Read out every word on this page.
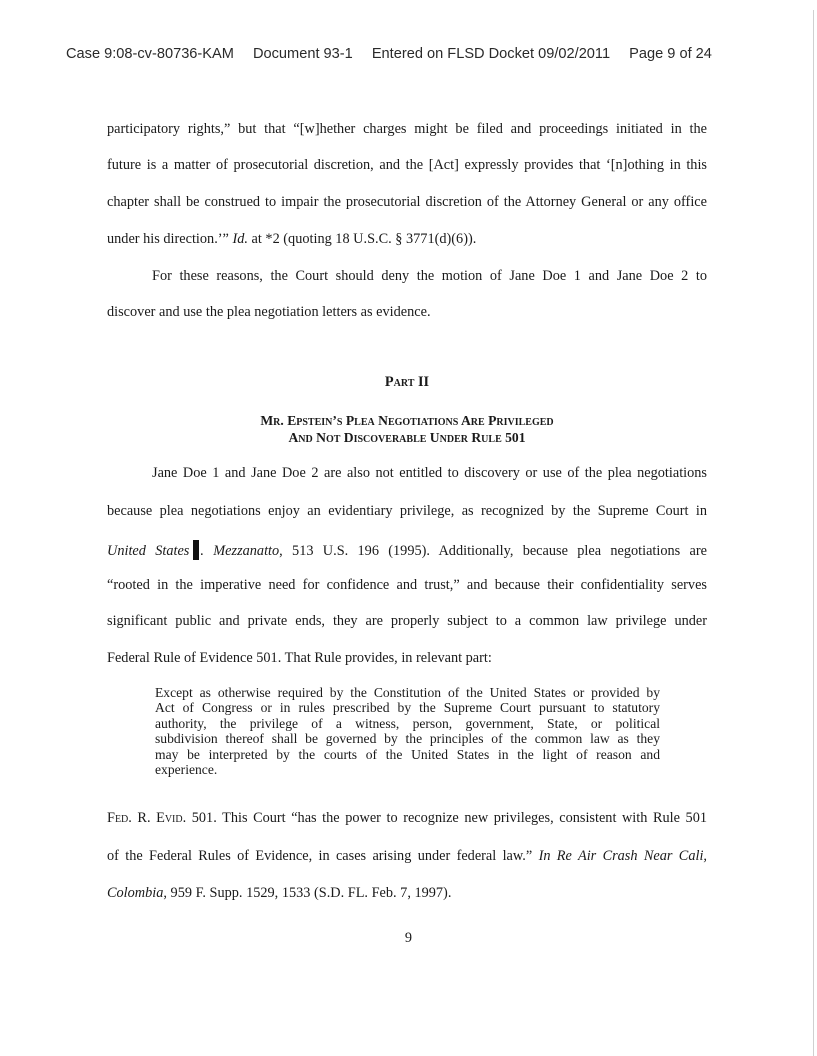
Case 9:08-cv-80736-KAM Document 93-1 Entered on FLSD Docket 09/02/2011 Page 9 of 24
participatory rights,” but that “[w]hether charges might be filed and proceedings initiated in the
future is a matter of prosecutorial discretion, and the [Act] expressly provides that ‘[n]othing in this
chapter shall be construed to impair the prosecutorial discretion of the Attorney General or any office
under his direction.’” Id. at *2 (quoting 18 U.S.C. § 3771(d)(6)).
For these reasons, the Court should deny the motion of Jane Doe 1 and Jane Doe 2 to
discover and use the plea negotiation letters as evidence.
Part II
Mr. Epstein’s Plea Negotiations Are Privileged
And Not Discoverable Under Rule 501
Jane Doe 1 and Jane Doe 2 are also not entitled to discovery or use of the plea negotiations
because plea negotiations enjoy an evidentiary privilege, as recognized by the Supreme Court in
United States . Mezzanatto, 513 U.S. 196 (1995). Additionally, because plea negotiations are
“rooted in the imperative need for confidence and trust,” and because their confidentiality serves
significant public and private ends, they are properly subject to a common law privilege under
Federal Rule of Evidence 501. That Rule provides, in relevant part:
Except as otherwise required by the Constitution of the United States or provided by
Act of Congress or in rules prescribed by the Supreme Court pursuant to statutory
authority, the privilege of a witness, person, government, State, or political
subdivision thereof shall be governed by the principles of the common law as they
may be interpreted by the courts of the United States in the light of reason and
experience.
Fed. R. Evid. 501. This Court “has the power to recognize new privileges, consistent with Rule 501
of the Federal Rules of Evidence, in cases arising under federal law.” In Re Air Crash Near Cali,
Colombia, 959 F. Supp. 1529, 1533 (S.D. FL. Feb. 7, 1997).
9
